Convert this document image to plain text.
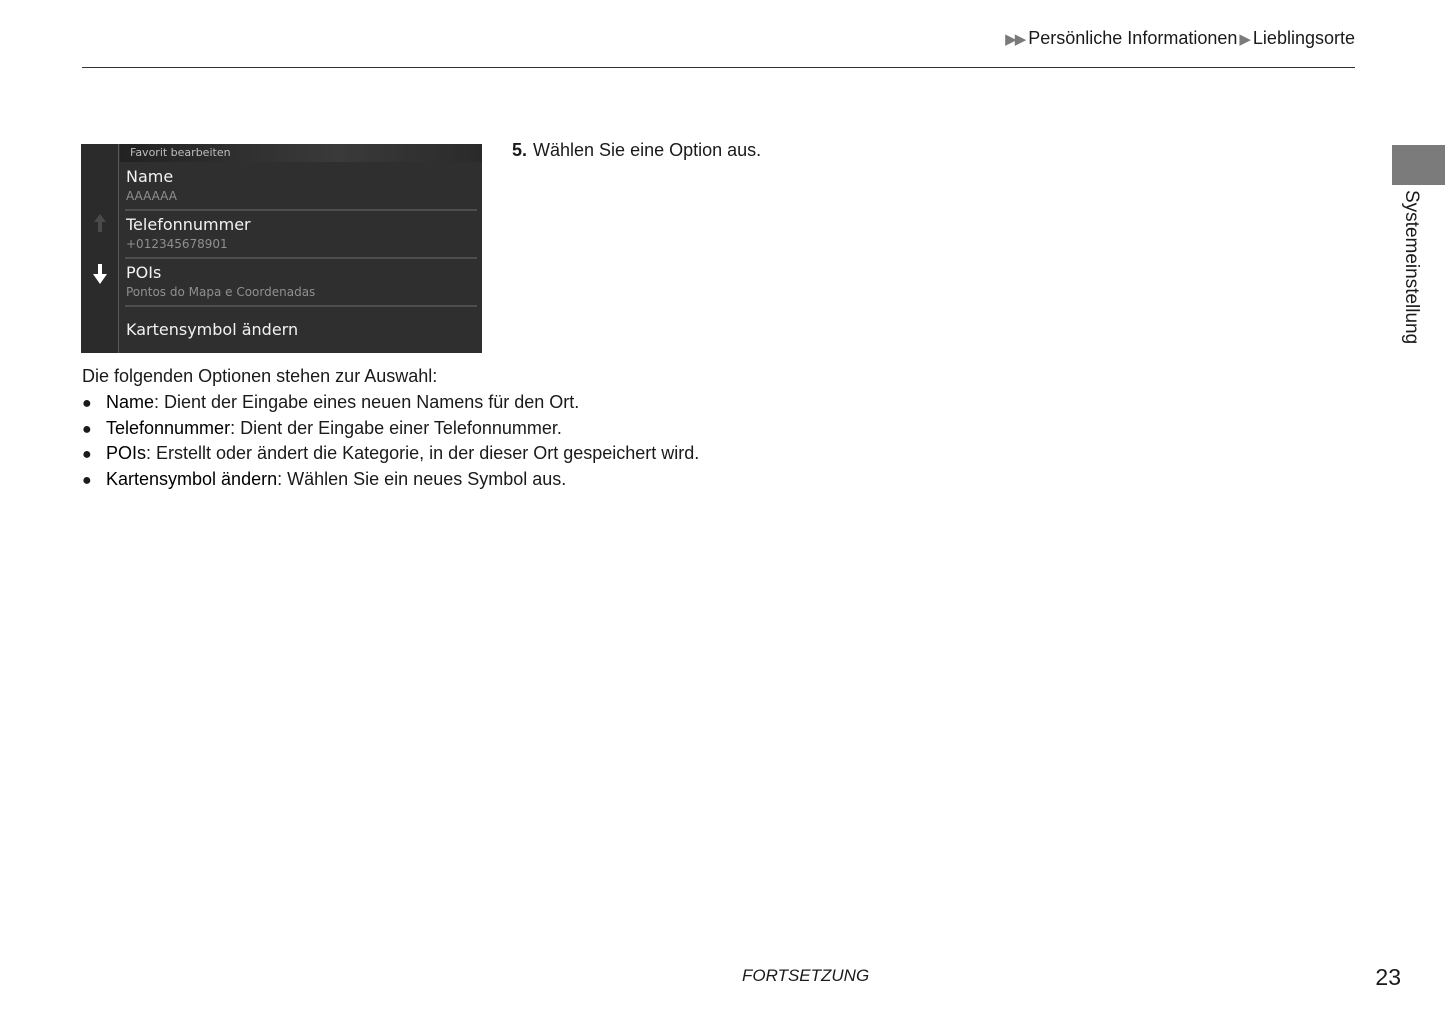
▶▶ Persönliche Informationen ▶ Lieblingsorte
Systemeinstellung
Favorit bearbeiten
Name
AAAAAA
Telefonnummer
+012345678901
POIs
Pontos do Mapa e Coordenadas
Kartensymbol ändern
5. Wählen Sie eine Option aus.
Die folgenden Optionen stehen zur Auswahl:
● Name: Dient der Eingabe eines neuen Namens für den Ort.
● Telefonnummer: Dient der Eingabe einer Telefonnummer.
● POIs: Erstellt oder ändert die Kategorie, in der dieser Ort gespeichert wird.
● Kartensymbol ändern: Wählen Sie ein neues Symbol aus.
FORTSETZUNG	23
